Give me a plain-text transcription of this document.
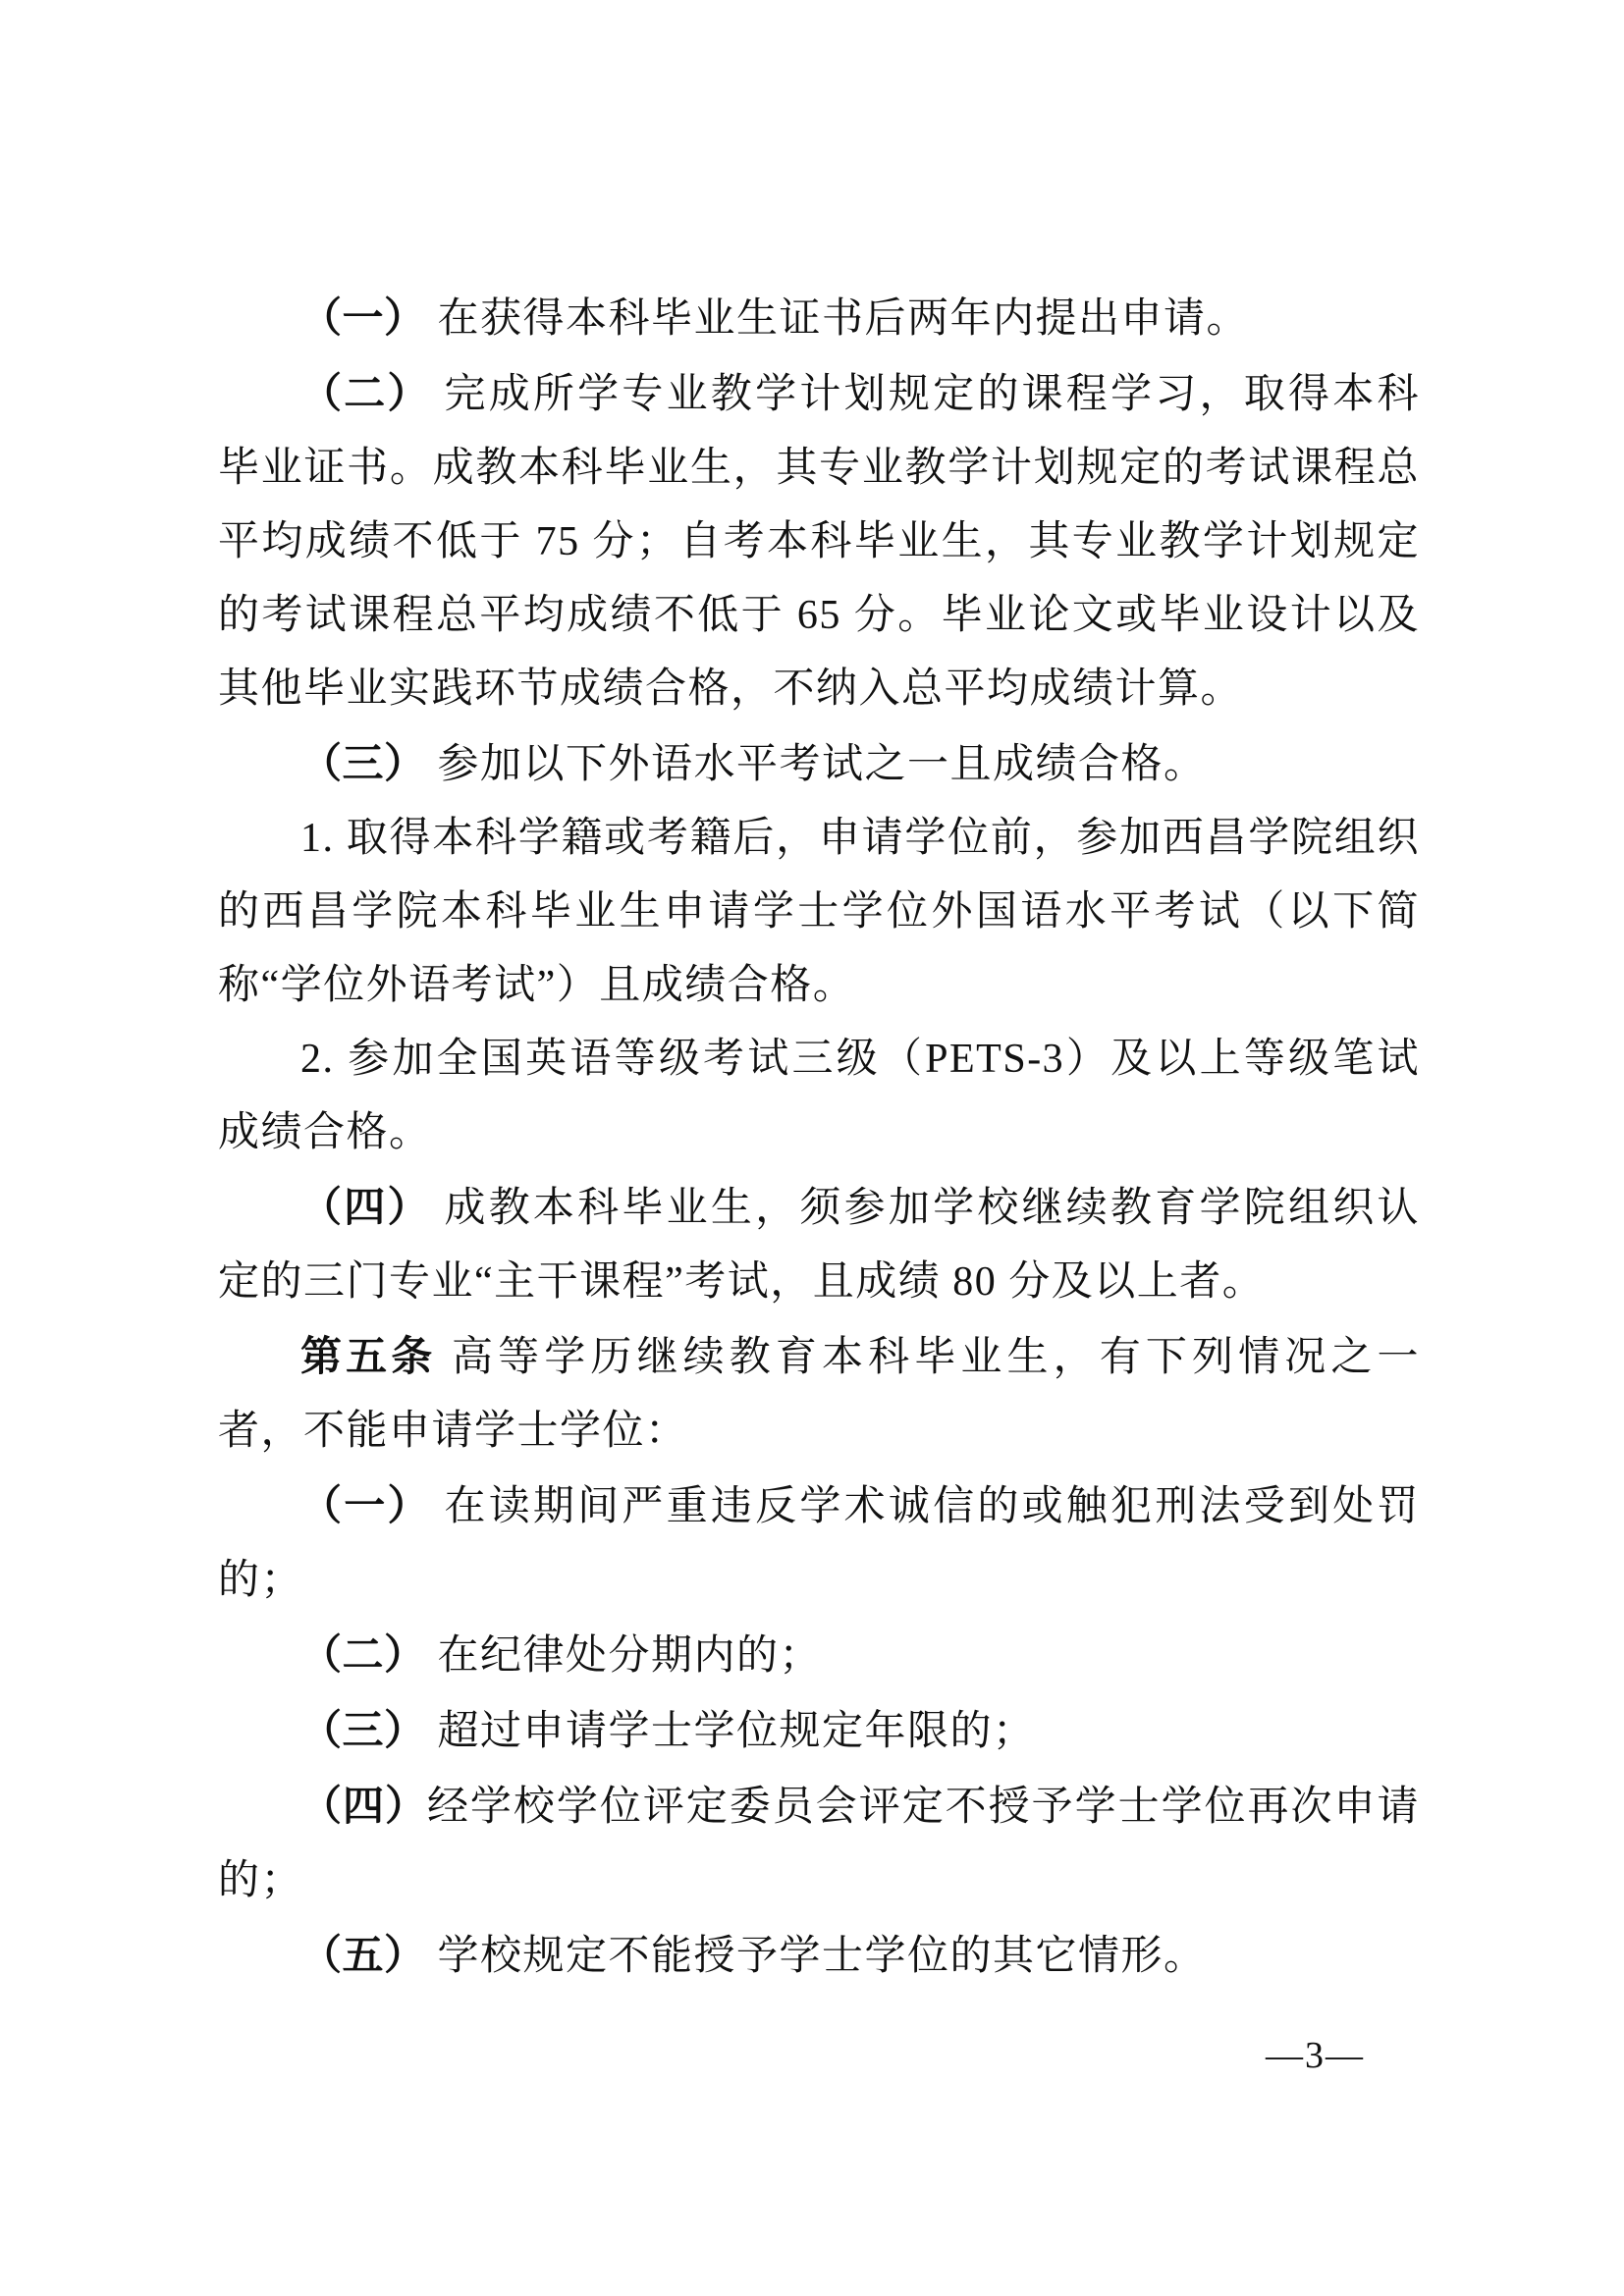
（一） 在获得本科毕业生证书后两年内提出申请。

（二） 完成所学专业教学计划规定的课程学习，取得本科毕业证书。成教本科毕业生，其专业教学计划规定的考试课程总平均成绩不低于 75 分；自考本科毕业生，其专业教学计划规定的考试课程总平均成绩不低于 65 分。毕业论文或毕业设计以及其他毕业实践环节成绩合格，不纳入总平均成绩计算。

（三） 参加以下外语水平考试之一且成绩合格。

1. 取得本科学籍或考籍后，申请学位前，参加西昌学院组织的西昌学院本科毕业生申请学士学位外国语水平考试（以下简称“学位外语考试”）且成绩合格。

2. 参加全国英语等级考试三级（PETS-3）及以上等级笔试成绩合格。

（四） 成教本科毕业生，须参加学校继续教育学院组织认定的三门专业“主干课程”考试，且成绩 80 分及以上者。

第五条 高等学历继续教育本科毕业生，有下列情况之一者，不能申请学士学位：

（一） 在读期间严重违反学术诚信的或触犯刑法受到处罚的；

（二） 在纪律处分期内的；

（三） 超过申请学士学位规定年限的；

（四）经学校学位评定委员会评定不授予学士学位再次申请的；

（五） 学校规定不能授予学士学位的其它情形。

—3—
